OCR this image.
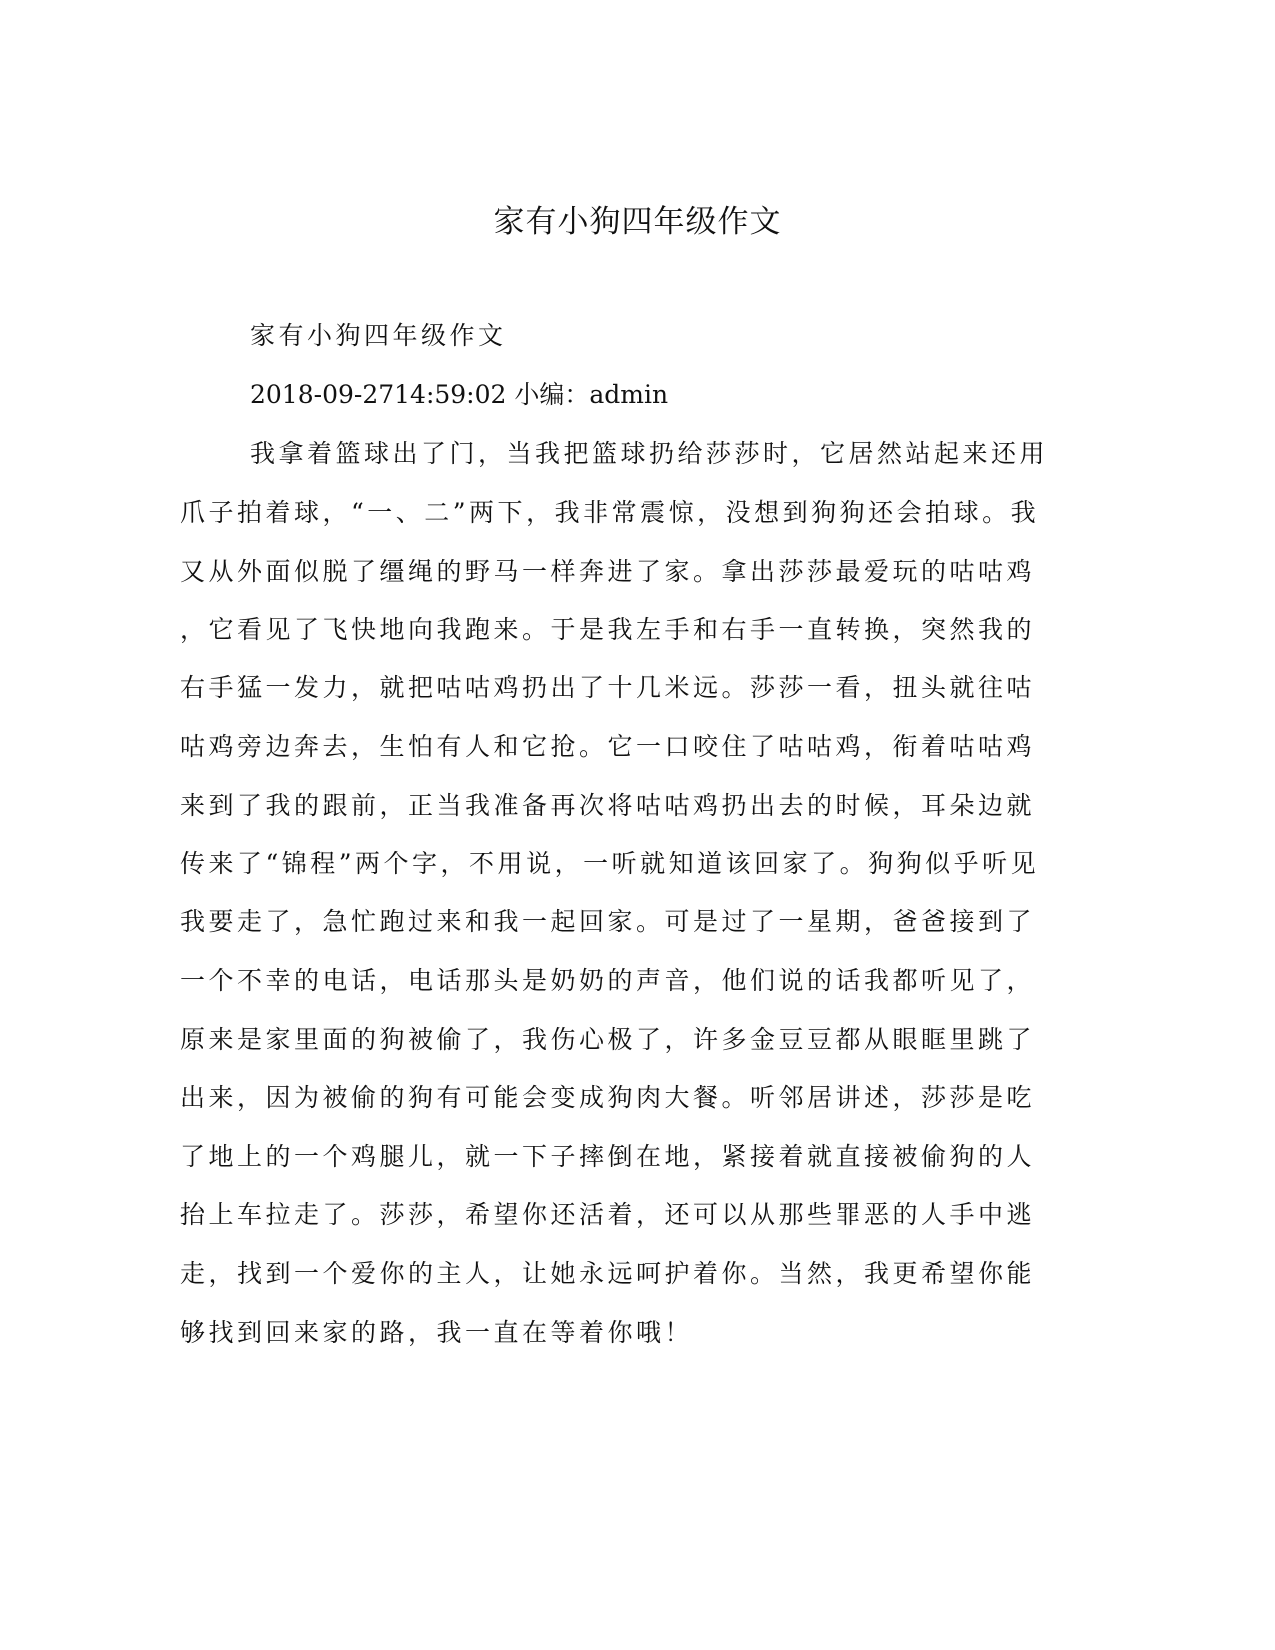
家有小狗四年级作文
家有小狗四年级作文
2018-09-2714:59:02 小编：admin
我拿着篮球出了门，当我把篮球扔给莎莎时，它居然站起来还用
爪子拍着球，“一、二”两下，我非常震惊，没想到狗狗还会拍球。我
又从外面似脱了缰绳的野马一样奔进了家。拿出莎莎最爱玩的咕咕鸡
，它看见了飞快地向我跑来。于是我左手和右手一直转换，突然我的
右手猛一发力，就把咕咕鸡扔出了十几米远。莎莎一看，扭头就往咕
咕鸡旁边奔去，生怕有人和它抢。它一口咬住了咕咕鸡，衔着咕咕鸡
来到了我的跟前，正当我准备再次将咕咕鸡扔出去的时候，耳朵边就
传来了“锦程”两个字，不用说，一听就知道该回家了。狗狗似乎听见
我要走了，急忙跑过来和我一起回家。可是过了一星期，爸爸接到了
一个不幸的电话，电话那头是奶奶的声音，他们说的话我都听见了，
原来是家里面的狗被偷了，我伤心极了，许多金豆豆都从眼眶里跳了
出来，因为被偷的狗有可能会变成狗肉大餐。听邻居讲述，莎莎是吃
了地上的一个鸡腿儿，就一下子摔倒在地，紧接着就直接被偷狗的人
抬上车拉走了。莎莎，希望你还活着，还可以从那些罪恶的人手中逃
走，找到一个爱你的主人，让她永远呵护着你。当然，我更希望你能
够找到回来家的路，我一直在等着你哦！
